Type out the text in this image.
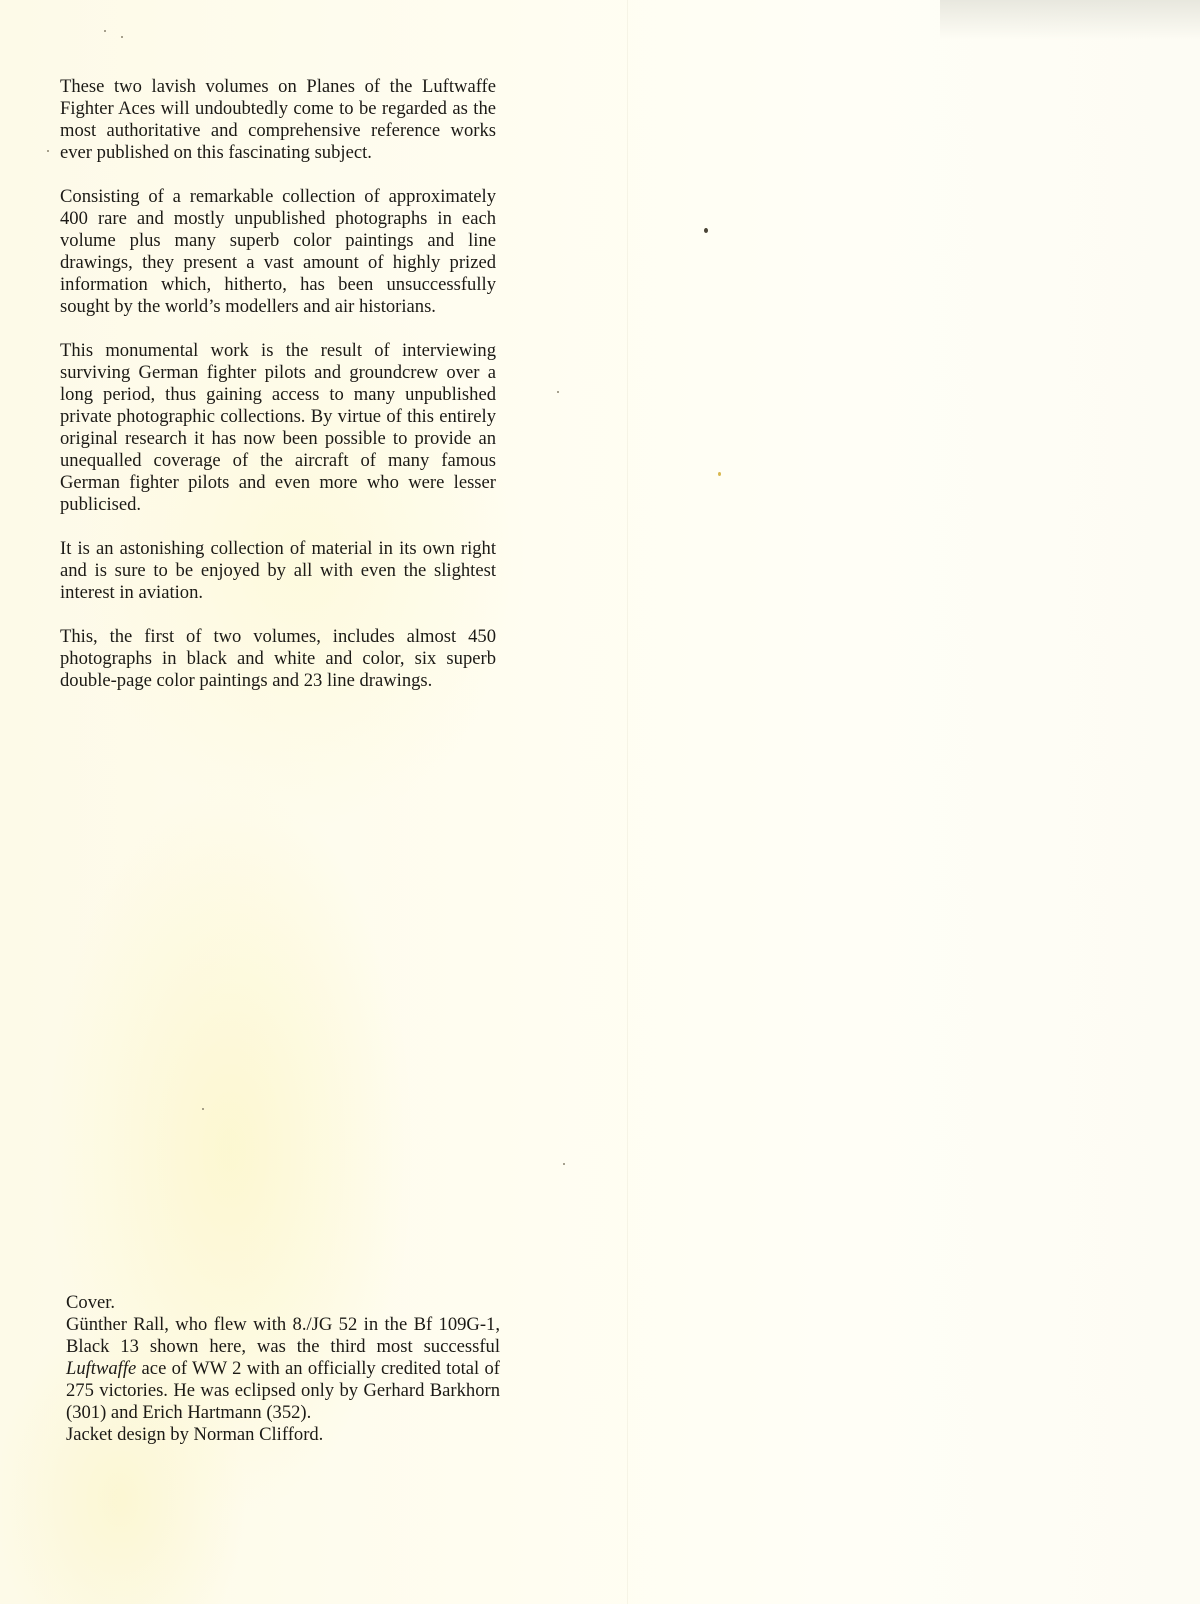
These two lavish volumes on Planes of the Luftwaffe Fighter Aces will undoubtedly come to be regarded as the most authoritative and comprehensive reference works ever published on this fascinating subject.

Consisting of a remarkable collection of approximately 400 rare and mostly unpublished photographs in each volume plus many superb color paintings and line drawings, they present a vast amount of highly prized information which, hitherto, has been unsuccessfully sought by the world’s modellers and air historians.

This monumental work is the result of interviewing surviving German fighter pilots and groundcrew over a long period, thus gaining access to many unpublished private photographic collections. By virtue of this entirely original research it has now been possible to provide an unequalled coverage of the aircraft of many famous German fighter pilots and even more who were lesser publicised.

It is an astonishing collection of material in its own right and is sure to be enjoyed by all with even the slightest interest in aviation.

This, the first of two volumes, includes almost 450 photographs in black and white and color, six superb double-page color paintings and 23 line drawings.

Cover.

Günther Rall, who flew with 8./JG 52 in the Bf 109G-1, Black 13 shown here, was the third most successful Luftwaffe ace of WW 2 with an officially credited total of 275 victories. He was eclipsed only by Gerhard Barkhorn (301) and Erich Hartmann (352).

Jacket design by Norman Clifford.
